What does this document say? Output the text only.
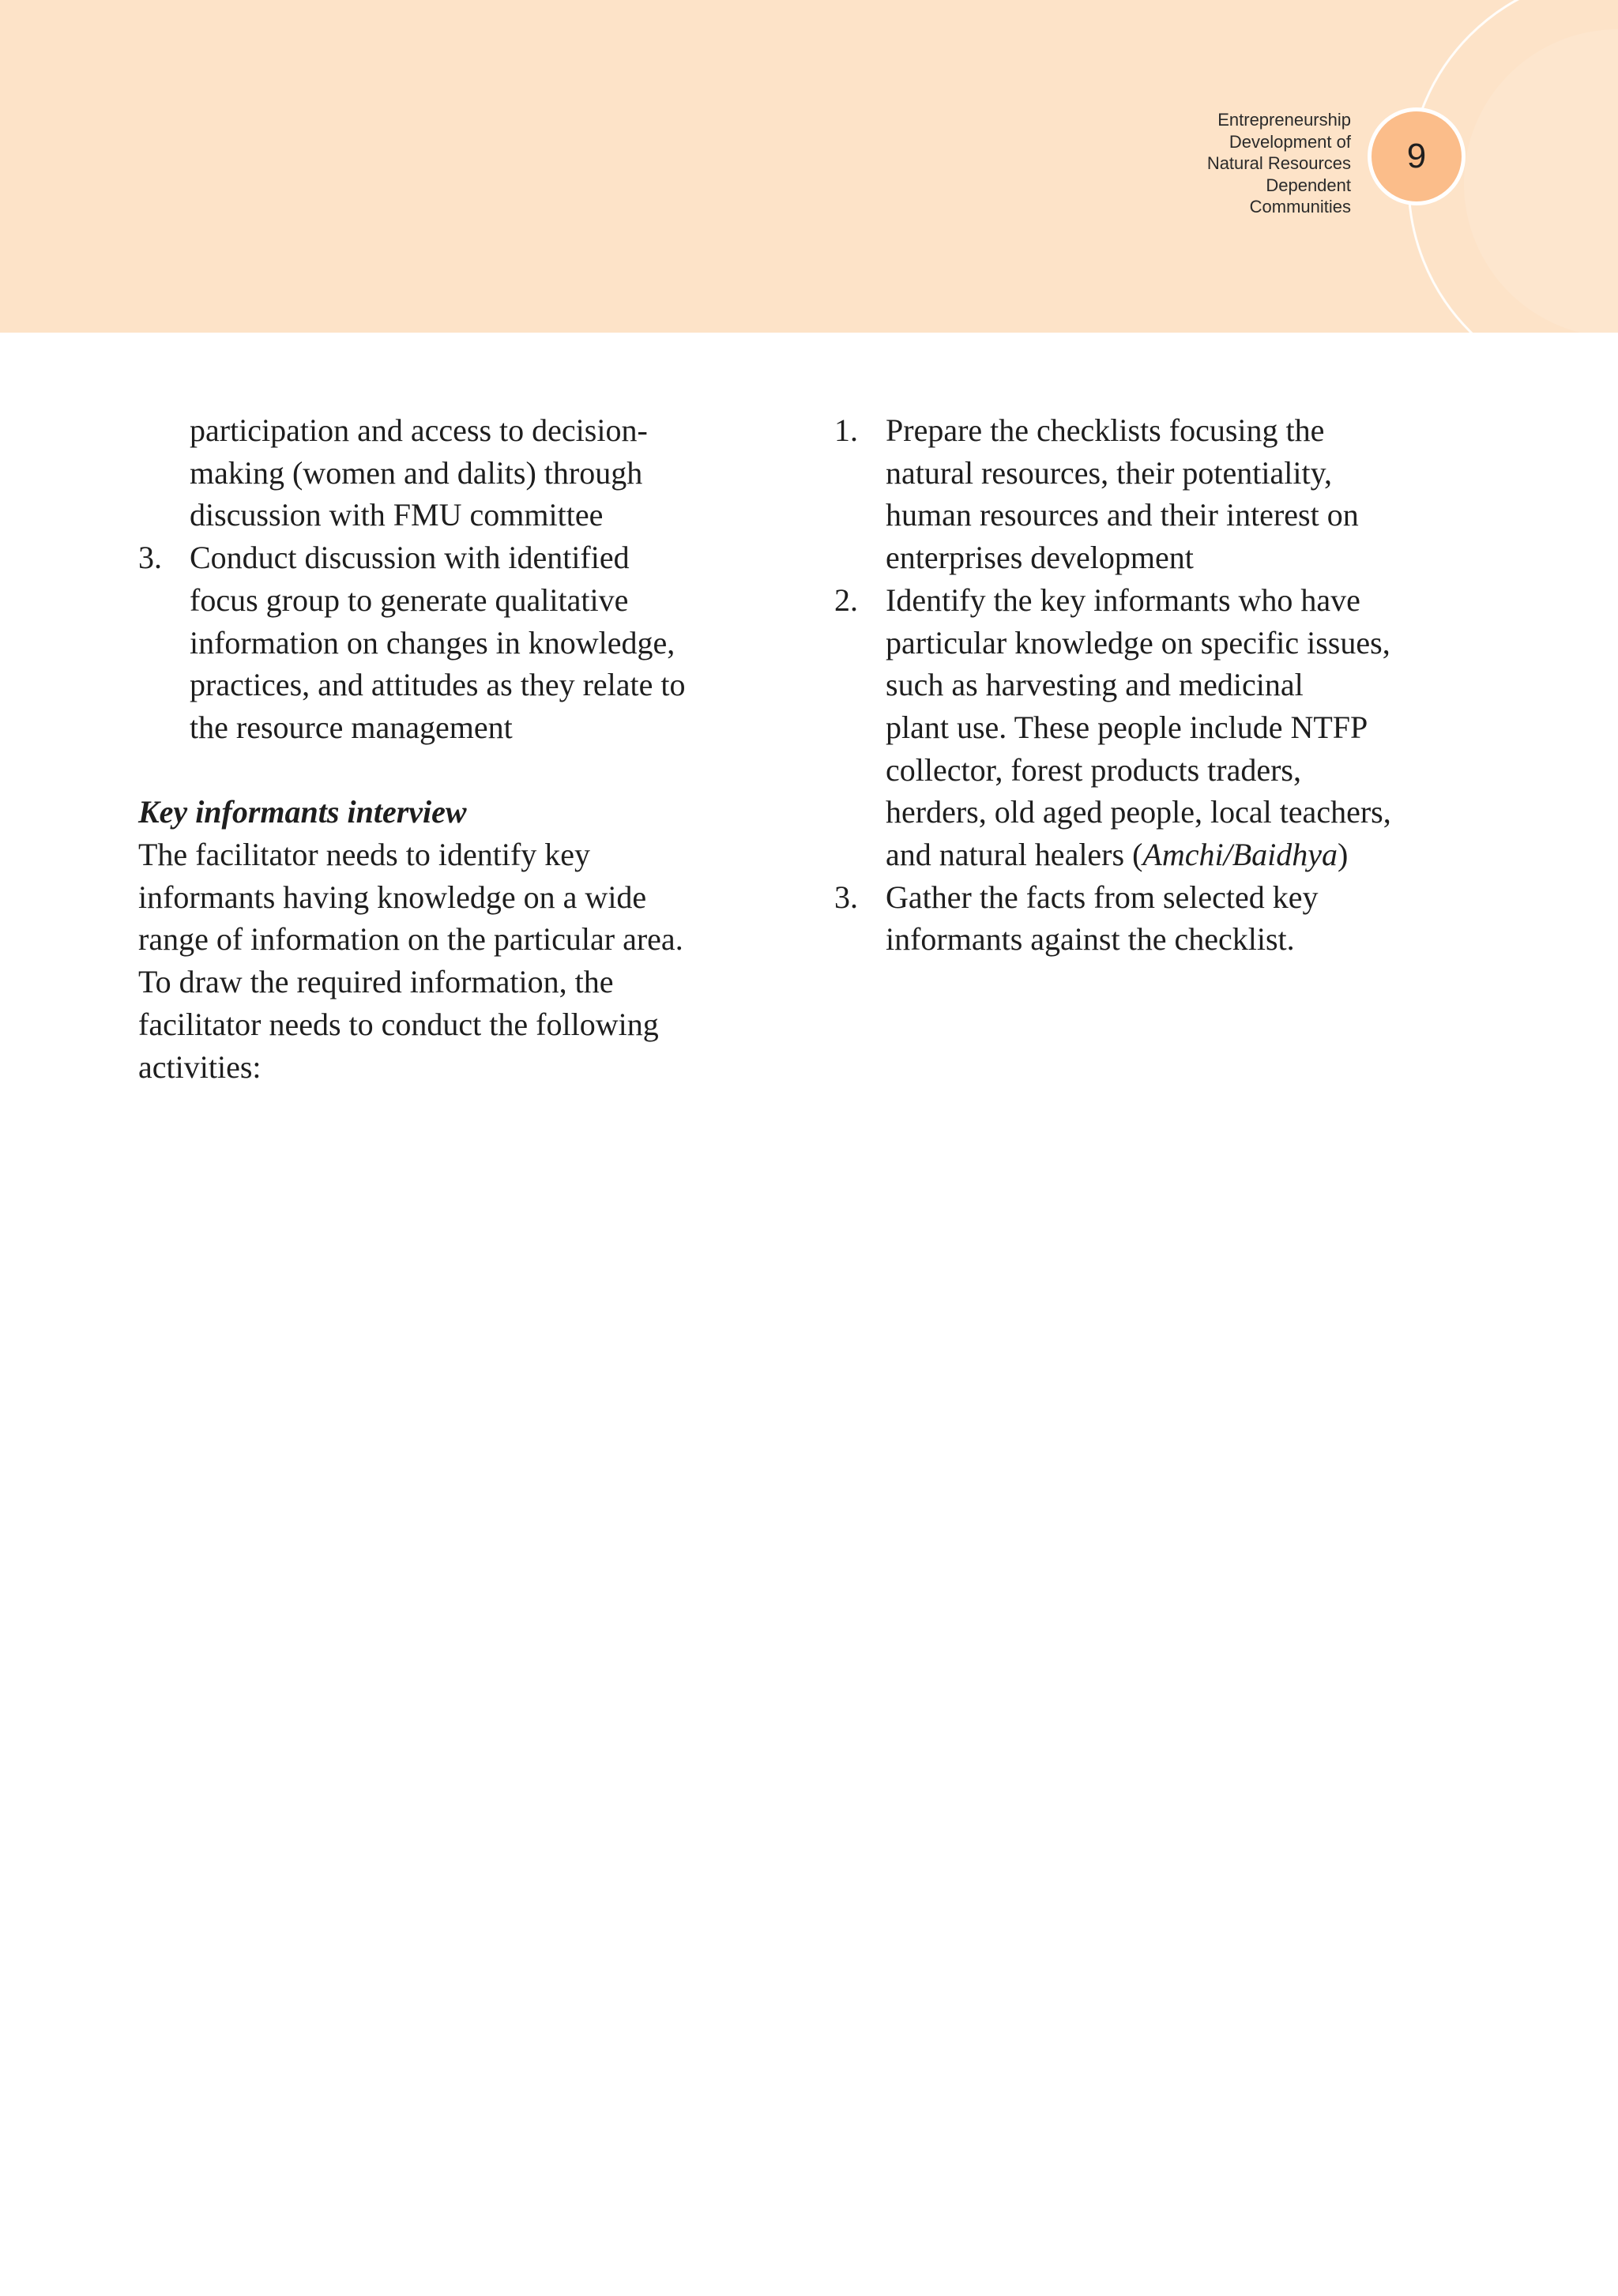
Entrepreneurship
Development of
Natural Resources
Dependent
Communities
9
participation and access to decision-
making (women and dalits) through
discussion with FMU committee
3. Conduct discussion with identified
focus group to generate qualitative
information on changes in knowledge,
practices, and attitudes as they relate to
the resource management
Key informants interview
The facilitator needs to identify key
informants having knowledge on a wide
range of information on the particular area.
To draw the required information, the
facilitator needs to conduct the following
activities:
1. Prepare the checklists focusing the
natural resources, their potentiality,
human resources and their interest on
enterprises development
2. Identify the key informants who have
particular knowledge on specific issues,
such as harvesting and medicinal
plant use. These people include NTFP
collector, forest products traders,
herders, old aged people, local teachers,
and natural healers (Amchi/Baidhya)
3. Gather the facts from selected key
informants against the checklist.
